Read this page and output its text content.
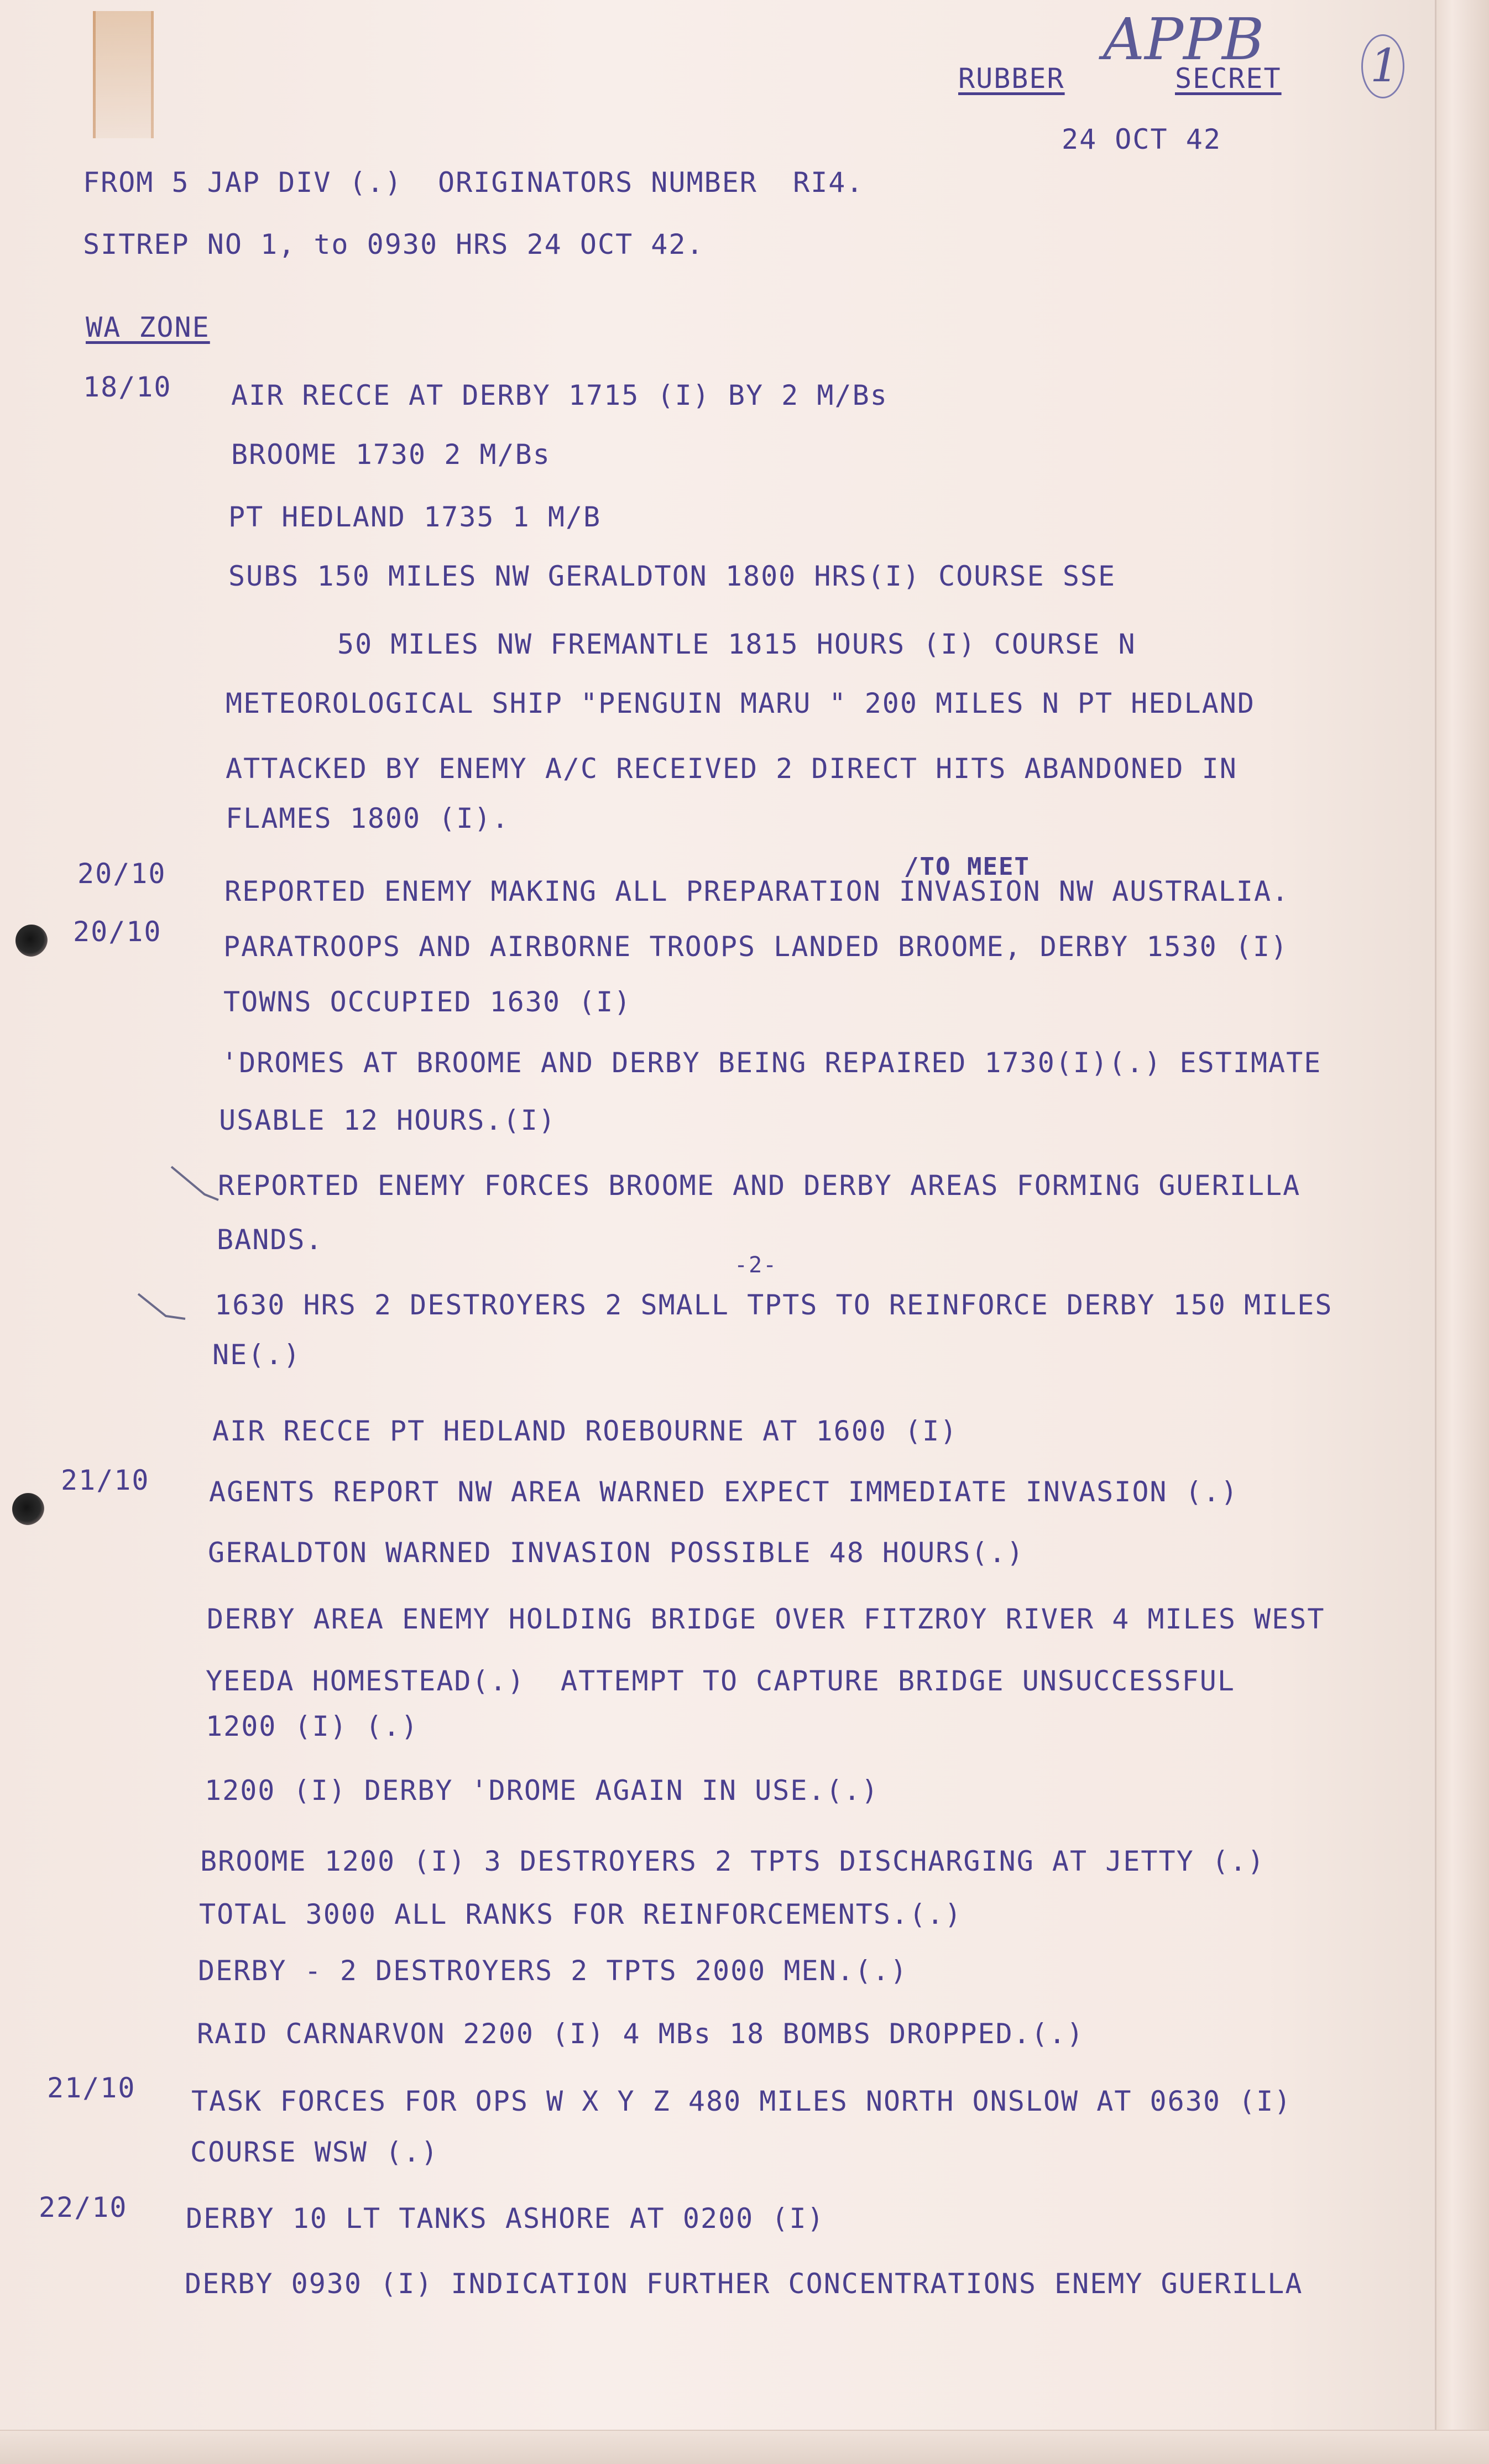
RUBBER	SECRET
APPB 1
24 OCT 42
FROM 5 JAP DIV (.)  ORIGINATORS NUMBER  RI4.
SITREP NO 1, to 0930 HRS 24 OCT 42.
WA ZONE
18/10
20/10
20/10
21/10
21/10
22/10
AIR RECCE AT DERBY 1715 (I) BY 2 M/Bs
BROOME 1730 2 M/Bs
PT HEDLAND 1735 1 M/B
SUBS 150 MILES NW GERALDTON 1800 HRS(I) COURSE SSE
50 MILES NW FREMANTLE 1815 HOURS (I) COURSE N
METEOROLOGICAL SHIP "PENGUIN MARU " 200 MILES N PT HEDLAND
ATTACKED BY ENEMY A/C RECEIVED 2 DIRECT HITS ABANDONED IN
FLAMES 1800 (I).
/TO MEET
REPORTED ENEMY MAKING ALL PREPARATION INVASION NW AUSTRALIA.
PARATROOPS AND AIRBORNE TROOPS LANDED BROOME, DERBY 1530 (I)
TOWNS OCCUPIED 1630 (I)
'DROMES AT BROOME AND DERBY BEING REPAIRED 1730(I)(.) ESTIMATE
USABLE 12 HOURS.(I)
REPORTED ENEMY FORCES BROOME AND DERBY AREAS FORMING GUERILLA
BANDS.
-2-
1630 HRS 2 DESTROYERS 2 SMALL TPTS TO REINFORCE DERBY 150 MILES
NE(.)
AIR RECCE PT HEDLAND ROEBOURNE AT 1600 (I)
AGENTS REPORT NW AREA WARNED EXPECT IMMEDIATE INVASION (.)
GERALDTON WARNED INVASION POSSIBLE 48 HOURS(.)
DERBY AREA ENEMY HOLDING BRIDGE OVER FITZROY RIVER 4 MILES WEST
YEEDA HOMESTEAD(.)  ATTEMPT TO CAPTURE BRIDGE UNSUCCESSFUL
1200 (I) (.)
1200 (I) DERBY 'DROME AGAIN IN USE.(.)
BROOME 1200 (I) 3 DESTROYERS 2 TPTS DISCHARGING AT JETTY (.)
TOTAL 3000 ALL RANKS FOR REINFORCEMENTS.(.)
DERBY - 2 DESTROYERS 2 TPTS 2000 MEN.(.)
RAID CARNARVON 2200 (I) 4 MBs 18 BOMBS DROPPED.(.)
TASK FORCES FOR OPS W X Y Z 480 MILES NORTH ONSLOW AT 0630 (I)
COURSE WSW (.)
DERBY 10 LT TANKS ASHORE AT 0200 (I)
DERBY 0930 (I) INDICATION FURTHER CONCENTRATIONS ENEMY GUERILLA
